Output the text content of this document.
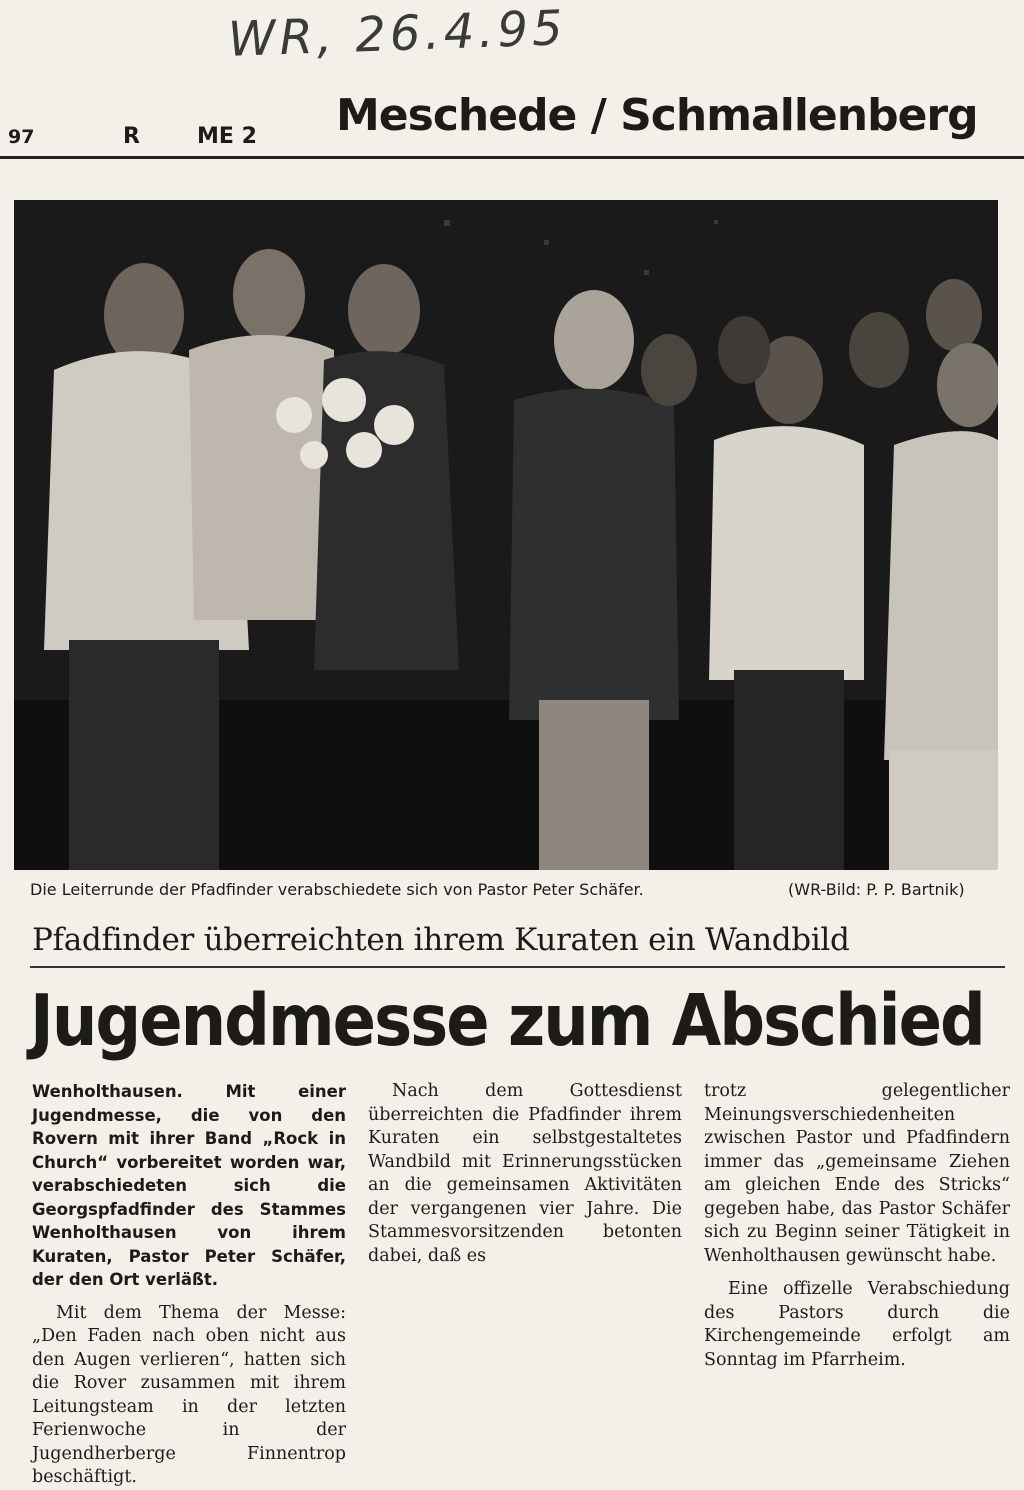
WR, 26.4.95
97	R	ME 2 Meschede / Schmallenberg
Die Leiterrunde der Pfadfinder verabschiedete sich von Pastor Peter Schäfer.	(WR-Bild: P. P. Bartnik)
Pfadfinder überreichten ihrem Kuraten ein Wandbild
Jugendmesse zum Abschied

Wenholthausen. Mit einer Jugendmesse, die von den Rovern mit ihrer Band „Rock in Church“ vorbereitet worden war, verabschiedeten sich die Georgspfadfinder des Stammes Wenholthausen von ihrem Kuraten, Pastor Peter Schäfer, der den Ort verläßt.

Mit dem Thema der Messe: „Den Faden nach oben nicht aus den Augen verlieren“, hatten sich die Rover zusammen mit ihrem Leitungsteam in der letzten Ferienwoche in der Jugendherberge Finnentrop beschäftigt.

Nach dem Gottesdienst überreichten die Pfadfinder ihrem Kuraten ein selbstgestaltetes Wandbild mit Erinnerungsstücken an die gemeinsamen Aktivitäten der vergangenen vier Jahre. Die Stammesvorsitzenden betonten dabei, daß es

trotz gelegentlicher Meinungsverschiedenheiten zwischen Pastor und Pfadfindern immer das „gemeinsame Ziehen am gleichen Ende des Stricks“ gegeben habe, das Pastor Schäfer sich zu Beginn seiner Tätigkeit in Wenholthausen gewünscht habe.

Eine offizelle Verabschiedung des Pastors durch die Kirchengemeinde erfolgt am Sonntag im Pfarrheim.
